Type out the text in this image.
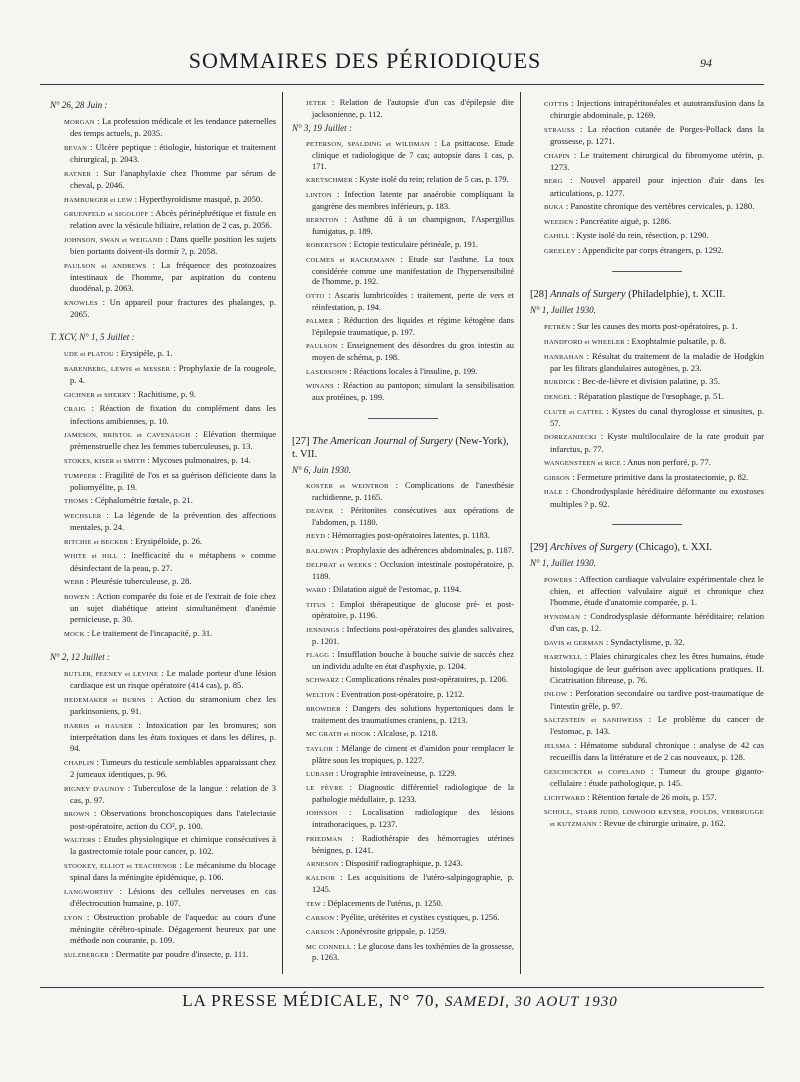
SOMMAIRES DES PÉRIODIQUES	94
N° 26, 28 Juin :
MORGAN : La profession médicale et les tendance paternelles des temps actuels, p. 2035.
BEVAN : Ulcère peptique : étiologie, historique et traitement chirurgical, p. 2043.
RATNER : Sur l'anaphylaxie chez l'homme par sérum de cheval, p. 2046.
HAMBURGER et LEW : Hyperthyroïdisme masqué, p. 2050.
GRUENFELD et SIGOLOFF : Abcès périnéphrétique et fistule en relation avec la vésicule biliaire, relation de 2 cas, p. 2056.
JOHNSON, SWAN et WEIGAND : Dans quelle position les sujets bien portants doivent-ils dormir ?, p. 2058.
PAULSON et ANDREWS : La fréquence des protozoaires intestinaux de l'homme, par aspiration du contenu duodénal, p. 2063.
KNOWLES : Un appareil pour fractures des phalanges, p. 2065.
T. XCV, N° 1, 5 Juillet :
UDE et PLATOU : Erysipèle, p. 1.
BARENBERG, LEWIS et MESSER : Prophylaxie de la rougeole, p. 4.
GICHNER et SHERRY : Rachitisme, p. 9.
CRAIG : Réaction de fixation du complément dans les infections amibiennes, p. 10.
JAMESON, BRISTOL et CAVENAUGH : Elévation thermique prémenstruelle chez les femmes tuberculeuses, p. 13.
STOKES, KISER et SMITH : Mycoses pulmonaires, p. 14.
TUMPEER : Fragilité de l'os et sa guérison déficiente dans la poliomyélite, p. 19.
THOMS : Céphalométrie fœtale, p. 21.
WECHSLER : La légende de la prévention des affections mentales, p. 24.
RITCHIE et BECKER : Erysipéloïde, p. 26.
WHITE et HILL : Inefficacité du « métaphens » comme désinfectant de la peau, p. 27.
WEBB : Pleurésie tuberculeuse, p. 28.
BOWEN : Action comparée du foie et de l'extrait de foie chez un sujet diabétique atteint simultanément d'anémie pernicieuse, p. 30.
MOCK : Le traitement de l'incapacité, p. 31.
N° 2, 12 Juillet :
BUTLER, FEENEY et LEVINE : Le malade porteur d'une lésion cardiaque est un risque opératoire (414 cas), p. 85.
HEDEMAKER et BURNS : Action du stramonium chez les parkinsoniens, p. 91.
HARRIS et HAUSER : Intoxication par les bromures; son interprétation dans les états toxiques et dans les délires, p. 94.
CHAPLIN : Tumeurs du testicule semblables apparaissant chez 2 jumeaux identiques, p. 96.
RIGNEY D'AUNOY : Tuberculose de la langue : relation de 3 cas, p. 97.
BROWN : Observations bronchoscopiques dans l'atelectasie post-opératoire, action du CO², p. 100.
WALTERS : Etudes physiologique et chimique consécutives à la gastrectomie totale pour cancer, p. 102.
STOOKEY, ELLIOT et TEACHENOR : Le mécanisme du blocage spinal dans la méningite épidémique, p. 106.
LANGWORTHY : Lésions des cellules nerveuses en cas d'électrocution humaine, p. 107.
LYON : Obstruction probable de l'aqueduc au cours d'une méningite cérébro-spinale. Dégagement heureux par une méthode non courante, p. 109.
SULZBERGER : Dermatite par poudre d'insecte, p. 111.
JETER : Relation de l'autopsie d'un cas d'épilepsie dite jacksonienne, p. 112.
N° 3, 19 Juillet :
PETERSON, SPALDING et WILDMAN : La psittacose. Etude clinique et radiologique de 7 cas; autopsie dans 1 cas, p. 171.
KRETSCHMER : Kyste isolé du rein; relation de 5 cas, p. 179.
LINTON : Infection latente par anaérobie compliquant la gangrène des membres inférieurs, p. 183.
BERNTON : Asthme dû à un champignon, l'Aspergillus fumigatus, p. 189.
ROBERTSON : Ectopie testiculaire périnéale, p. 191.
COLMES et RACKEMANN : Etude sur l'asthme. La toux considérée comme une manifestation de l'hypersensibilité de l'homme, p. 192.
OTTO : Ascaris lumbricoïdes : traitement, perte de vers et réinfestation, p. 194.
PALMER : Réduction des liquides et régime kétogène dans l'épilepsie traumatique, p. 197.
PAULSON : Enseignement des désordres du gros intestin au moyen de schéma, p. 198.
LASERSOHN : Réactions locales à l'insuline, p. 199.
WINANS : Réaction au pantopon; simulant la sensibilisation aux protéines, p. 199.
[27] The American Journal of Surgery (New-York), t. VII.
N° 6, Juin 1930.
KOSTER et WEINTROB : Complications de l'anesthésie rachidienne, p. 1165.
DEAVER : Péritonites consécutives aux opérations de l'abdomen, p. 1180.
HEYD : Hémorragies post-opératoires latentes, p. 1183.
BALDWIN : Prophylaxie des adhérences abdominales, p. 1187.
DELPRAT et WEEKS : Occlusion intestinale postopératoire, p. 1189.
WARD : Dilatation aiguë de l'estomac, p. 1194.
TITUS : Emploi thérapeutique de glucose pré- et post-opératoire, p. 1196.
JENNINGS : Infections post-opératoires des glandes salivaires, p. 1201.
FLAGG : Insufflation bouche à bouche suivie de succès chez un individu adulte en état d'asphyxie, p. 1204.
SCHWARZ : Complications rénales post-opératoires, p. 1206.
WELTON : Eventration post-opératoire, p. 1212.
BROWDER : Dangers des solutions hypertoniques dans le traitement des traumatismes craniens, p. 1213.
MC GRATH et HOOK : Alcalose, p. 1218.
TAYLOR : Mélange de ciment et d'amidon pour remplacer le plâtre sous les tropiques, p. 1227.
LUBASH : Urographie intraveineuse, p. 1229.
LE FÈVRE : Diagnostic différentiel radiologique de la pathologie médullaire, p. 1233.
JOHNSON : Localisation radiologique des lésions intrathoraciques, p. 1237.
FRIEDMAN : Radiothérapie des hémorragies utérines bénignes, p. 1241.
ARNESON : Dispositif radiographique, p. 1243.
KALDOR : Les acquisitions de l'utéro-salpingographie, p. 1245.
TEW : Déplacements de l'utérus, p. 1250.
CARSON : Pyélite, urétérites et cystites cystiques, p. 1256.
CARSON : Aponévrosite grippale, p. 1259.
MC CONNELL : Le glucose dans les toxhémies de la grossesse, p. 1263.
COTTIS : Injections intrapéritonéales et autotransfusion dans la chirurgie abdominale, p. 1269.
STRAUSS : La réaction cutanée de Porges-Pollack dans la grossesse, p. 1271.
CHAPIN : Le traitement chirurgical du fibromyome utérin, p. 1273.
BERG : Nouvel appareil pour injection d'air dans les articulations, p. 1277.
BUKA : Panostite chronique des vertèbres cervicales, p. 1280.
WEEDEN : Pancréatite aiguë, p. 1286.
CAHILL : Kyste isolé du rein, résection, p. 1290.
GREELEY : Appendicite par corps étrangers, p. 1292.
[28] Annals of Surgery (Philadelphie), t. XCII.
N° 1, Juillet 1930.
PETRÉN : Sur les causes des morts post-opératoires, p. 1.
HANDFORD et WHEELER : Exophtalmie pulsatile, p. 8.
HANRAHAN : Résultat du traitement de la maladie de Hodgkin par les filtrats glandulaires autogènes, p. 23.
BURDICK : Bec-de-lièvre et division palatine, p. 35.
DENGEL : Réparation plastique de l'œsophage, p. 51.
CLUTE et CATTEL : Kystes du canal thyroglosse et sinusites, p. 57.
DORRZANIECKI : Kyste multiloculaire de la rate produit par infarctus, p. 77.
WANGENSTEEN et RICE : Anus non perforé, p. 77.
GIBSON : Fermeture primitive dans la prostatectomie, p. 82.
HALE : Chondrodysplasie héréditaire déformante ou exostoses multiples ? p. 92.
[29] Archives of Surgery (Chicago), t. XXI.
N° 1, Juillet 1930.
POWERS : Affection cardiaque valvulaire expérimentale chez le chien, et affection valvulaire aiguë et chronique chez l'homme, étude d'anatomie comparée, p. 1.
HYNDMAN : Condrodysplasie déformante héréditaire; relation d'un cas, p. 12.
DAVIS et GERMAN : Syndactylisme, p. 32.
HARTWELL : Plaies chirurgicales chez les êtres humains, étude histologique de leur guérison avec applications pratiques. II. Cicatrisation fibreuse, p. 76.
INLOW : Perforation secondaire ou tardive post-traumatique de l'intestin grêle, p. 97.
SALTZSTEIN et SANDWEISS : Le problème du cancer de l'estomac, p. 143.
JELSMA : Hématome subdural chronique : analyse de 42 cas recueillis dans la littérature et de 2 cas nouveaux, p. 128.
GESCHICKTER et COPELAND : Tumeur du groupe giganto-cellulaire : étude pathologique, p. 145.
LICHTWARD : Rétention fœtale de 26 mois, p. 157.
SCHOLL, STARR JUDD, LINWOOD KEYSER, FOULDS, VERBRUGGE et KUTZMANN : Revue de chirurgie urinaire, p. 162.
LA PRESSE MÉDICALE, N° 70, SAMEDI, 30 AOUT 1930
